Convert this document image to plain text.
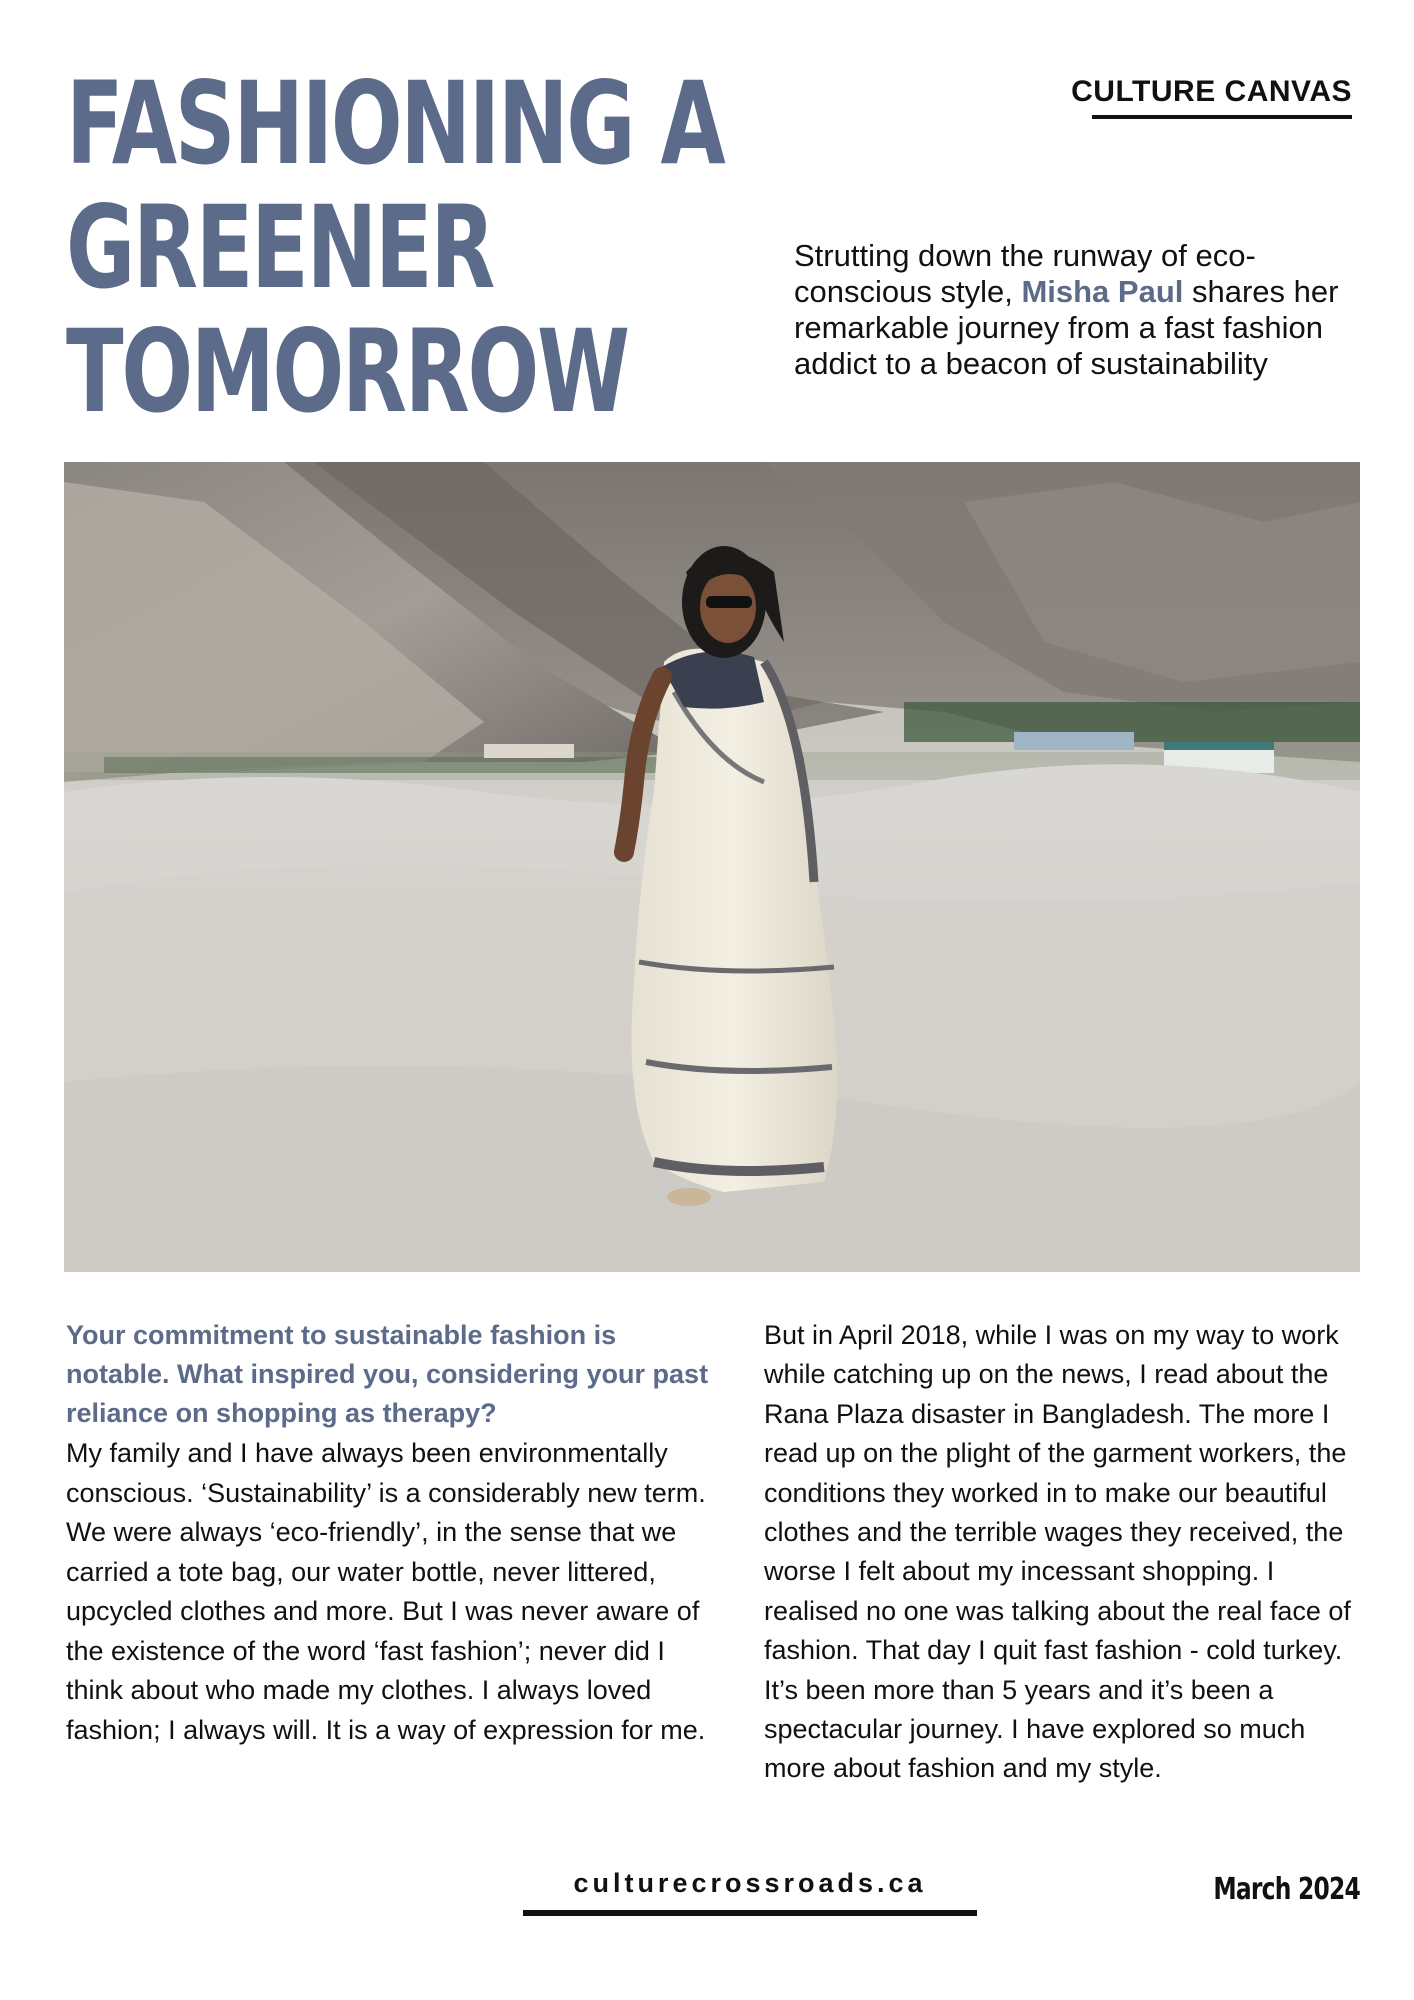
FASHIONING A
GREENER
TOMORROW
CULTURE CANVAS

Strutting down the runway of eco-conscious style, Misha Paul shares her remarkable journey from a fast fashion addict to a beacon of sustainability

Your commitment to sustainable fashion is notable. What inspired you, considering your past reliance on shopping as therapy?
My family and I have always been environmentally conscious. ‘Sustainability’ is a considerably new term. We were always ‘eco-friendly’, in the sense that we carried a tote bag, our water bottle, never littered, upcycled clothes and more. But I was never aware of the existence of the word ‘fast fashion’; never did I think about who made my clothes. I always loved fashion; I always will. It is a way of expression for me.
But in April 2018, while I was on my way to work while catching up on the news, I read about the Rana Plaza disaster in Bangladesh. The more I read up on the plight of the garment workers, the conditions they worked in to make our beautiful clothes and the terrible wages they received, the worse I felt about my incessant shopping. I realised no one was talking about the real face of fashion. That day I quit fast fashion - cold turkey. It’s been more than 5 years and it’s been a spectacular journey. I have explored so much more about fashion and my style.
culturecrossroads.ca	March 2024
